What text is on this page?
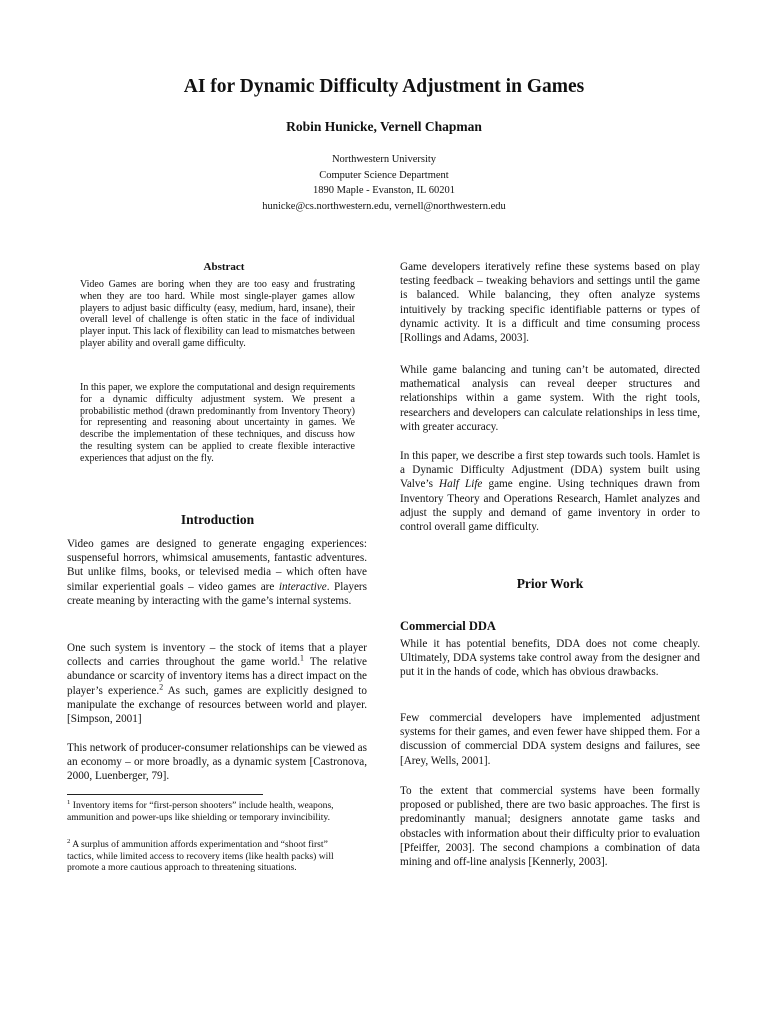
AI for Dynamic Difficulty Adjustment in Games
Robin Hunicke, Vernell Chapman
Northwestern University
Computer Science Department
1890 Maple - Evanston, IL 60201
hunicke@cs.northwestern.edu, vernell@northwestern.edu
Abstract

Video Games are boring when they are too easy and frustrating when they are too hard. While most single-player games allow players to adjust basic difficulty (easy, medium, hard, insane), their overall level of challenge is often static in the face of individual player input. This lack of flexibility can lead to mismatches between player ability and overall game difficulty.

In this paper, we explore the computational and design requirements for a dynamic difficulty adjustment system. We present a probabilistic method (drawn predominantly from Inventory Theory) for representing and reasoning about uncertainty in games. We describe the implementation of these techniques, and discuss how the resulting system can be applied to create flexible interactive experiences that adjust on the fly.

Introduction

Video games are designed to generate engaging experiences: suspenseful horrors, whimsical amusements, fantastic adventures. But unlike films, books, or televised media – which often have similar experiential goals – video games are interactive. Players create meaning by interacting with the game’s internal systems.

One such system is inventory – the stock of items that a player collects and carries throughout the game world.$^1$ The relative abundance or scarcity of inventory items has a direct impact on the player’s experience.$^2$ As such, games are explicitly designed to manipulate the exchange of resources between world and player. [Simpson, 2001]

This network of producer-consumer relationships can be viewed as an economy – or more broadly, as a dynamic system [Castronova, 2000, Luenberger, 79].

$^1$ Inventory items for “first-person shooters” include health, weapons, ammunition and power-ups like shielding or temporary invincibility.

$^2$ A surplus of ammunition affords experimentation and “shoot first” tactics, while limited access to recovery items (like health packs) will promote a more cautious approach to threatening situations.

Game developers iteratively refine these systems based on play testing feedback – tweaking behaviors and settings until the game is balanced. While balancing, they often analyze systems intuitively by tracking specific identifiable patterns or types of dynamic activity. It is a difficult and time consuming process [Rollings and Adams, 2003].

While game balancing and tuning can’t be automated, directed mathematical analysis can reveal deeper structures and relationships within a game system. With the right tools, researchers and developers can calculate relationships in less time, with greater accuracy.

In this paper, we describe a first step towards such tools. Hamlet is a Dynamic Difficulty Adjustment (DDA) system built using Valve’s Half Life game engine. Using techniques drawn from Inventory Theory and Operations Research, Hamlet analyzes and adjust the supply and demand of game inventory in order to control overall game difficulty.

Prior Work
Commercial DDA

While it has potential benefits, DDA does not come cheaply. Ultimately, DDA systems take control away from the designer and put it in the hands of code, which has obvious drawbacks.

Few commercial developers have implemented adjustment systems for their games, and even fewer have shipped them. For a discussion of commercial DDA system designs and failures, see [Arey, Wells, 2001].

To the extent that commercial systems have been formally proposed or published, there are two basic approaches. The first is predominantly manual; designers annotate game tasks and obstacles with information about their difficulty prior to evaluation [Pfeiffer, 2003]. The second champions a combination of data mining and off-line analysis [Kennerly, 2003].
